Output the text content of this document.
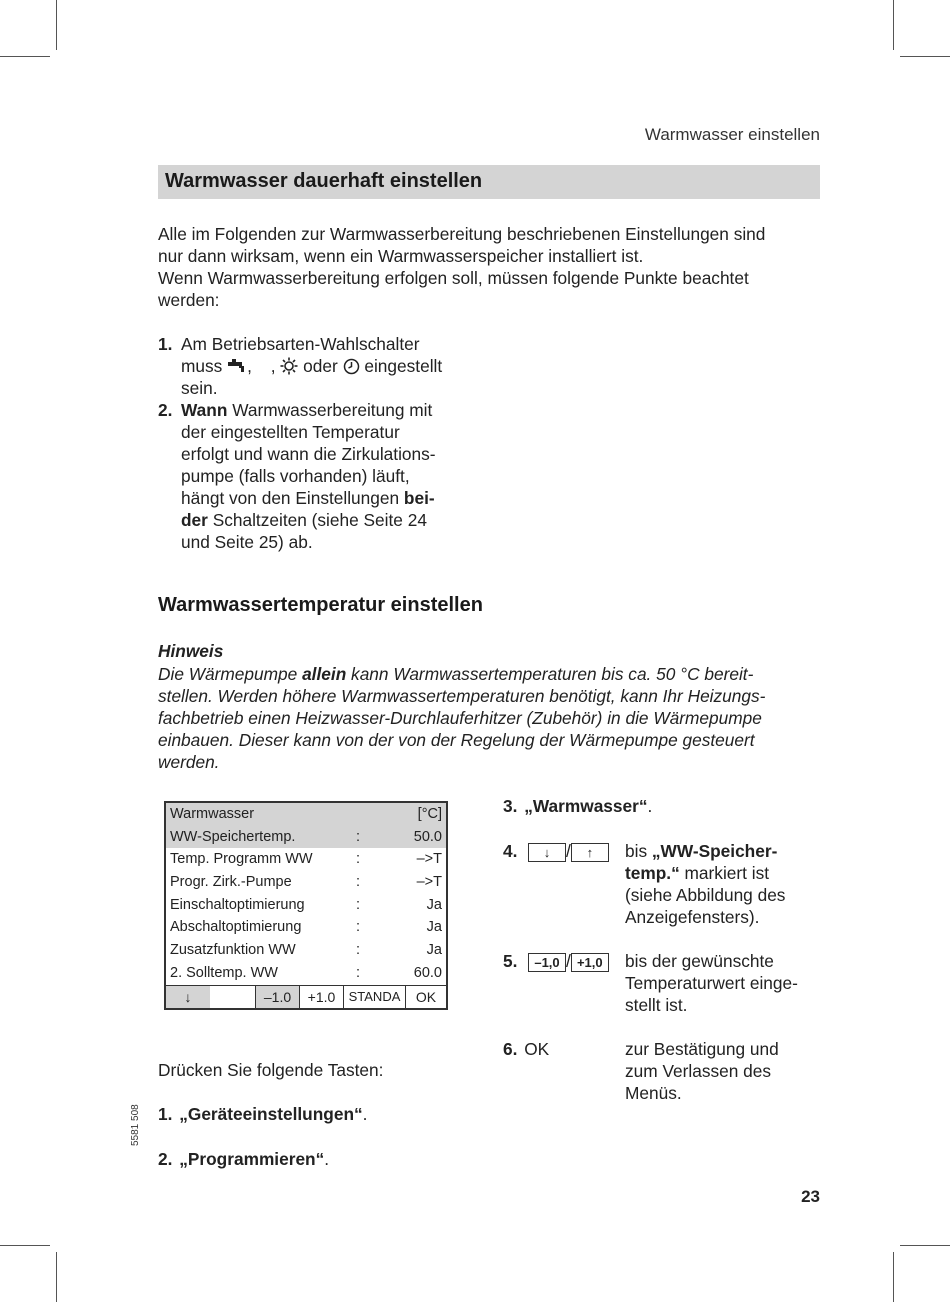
Warmwasser einstellen
Warmwasser dauerhaft einstellen
Alle im Folgenden zur Warmwasserbereitung beschriebenen Einstellungen sind
nur dann wirksam, wenn ein Warmwasserspeicher installiert ist.
Wenn Warmwasserbereitung erfolgen soll, müssen folgende Punkte beachtet
werden:
1. Am Betriebsarten-Wahlschalter
muss , ,  oder eingestellt
sein.
2. Wann Warmwasserbereitung mit
der eingestellten Temperatur
erfolgt und wann die Zirkulations-
pumpe (falls vorhanden) läuft,
hängt von den Einstellungen bei-
der Schaltzeiten (siehe Seite 24
und Seite 25) ab.
Warmwassertemperatur einstellen
Hinweis
Die Wärmepumpe allein kann Warmwassertemperaturen bis ca. 50 °C bereit-
stellen. Werden höhere Warmwassertemperaturen benötigt, kann Ihr Heizungs-
fachbetrieb einen Heizwasser-Durchlauferhitzer (Zubehör) in die Wärmepumpe
einbauen. Dieser kann von der von der Regelung der Wärmepumpe gesteuert
werden.
Warmwasser	[°C]
WW-Speichertemp.	:	50.0
Temp. Programm WW	:	–>T
Progr. Zirk.-Pumpe	:	–>T
Einschaltoptimierung	:	Ja
Abschaltoptimierung	:	Ja
Zusatzfunktion WW	:	Ja
2. Solltemp. WW	:	60.0
↓	–1.0	+1.0	STANDA	OK
Drücken Sie folgende Tasten:
1. „Geräteeinstellungen“.
2. „Programmieren“.
3. „Warmwasser“.
4.	↓ / ↑	bis „WW-Speicher-
temp.“ markiert ist
(siehe Abbildung des
Anzeigefensters).
5.	–1,0 / +1,0	bis der gewünschte
Temperaturwert einge-
stellt ist.
6. OK	zur Bestätigung und
zum Verlassen des
Menüs.
5581 508
23
